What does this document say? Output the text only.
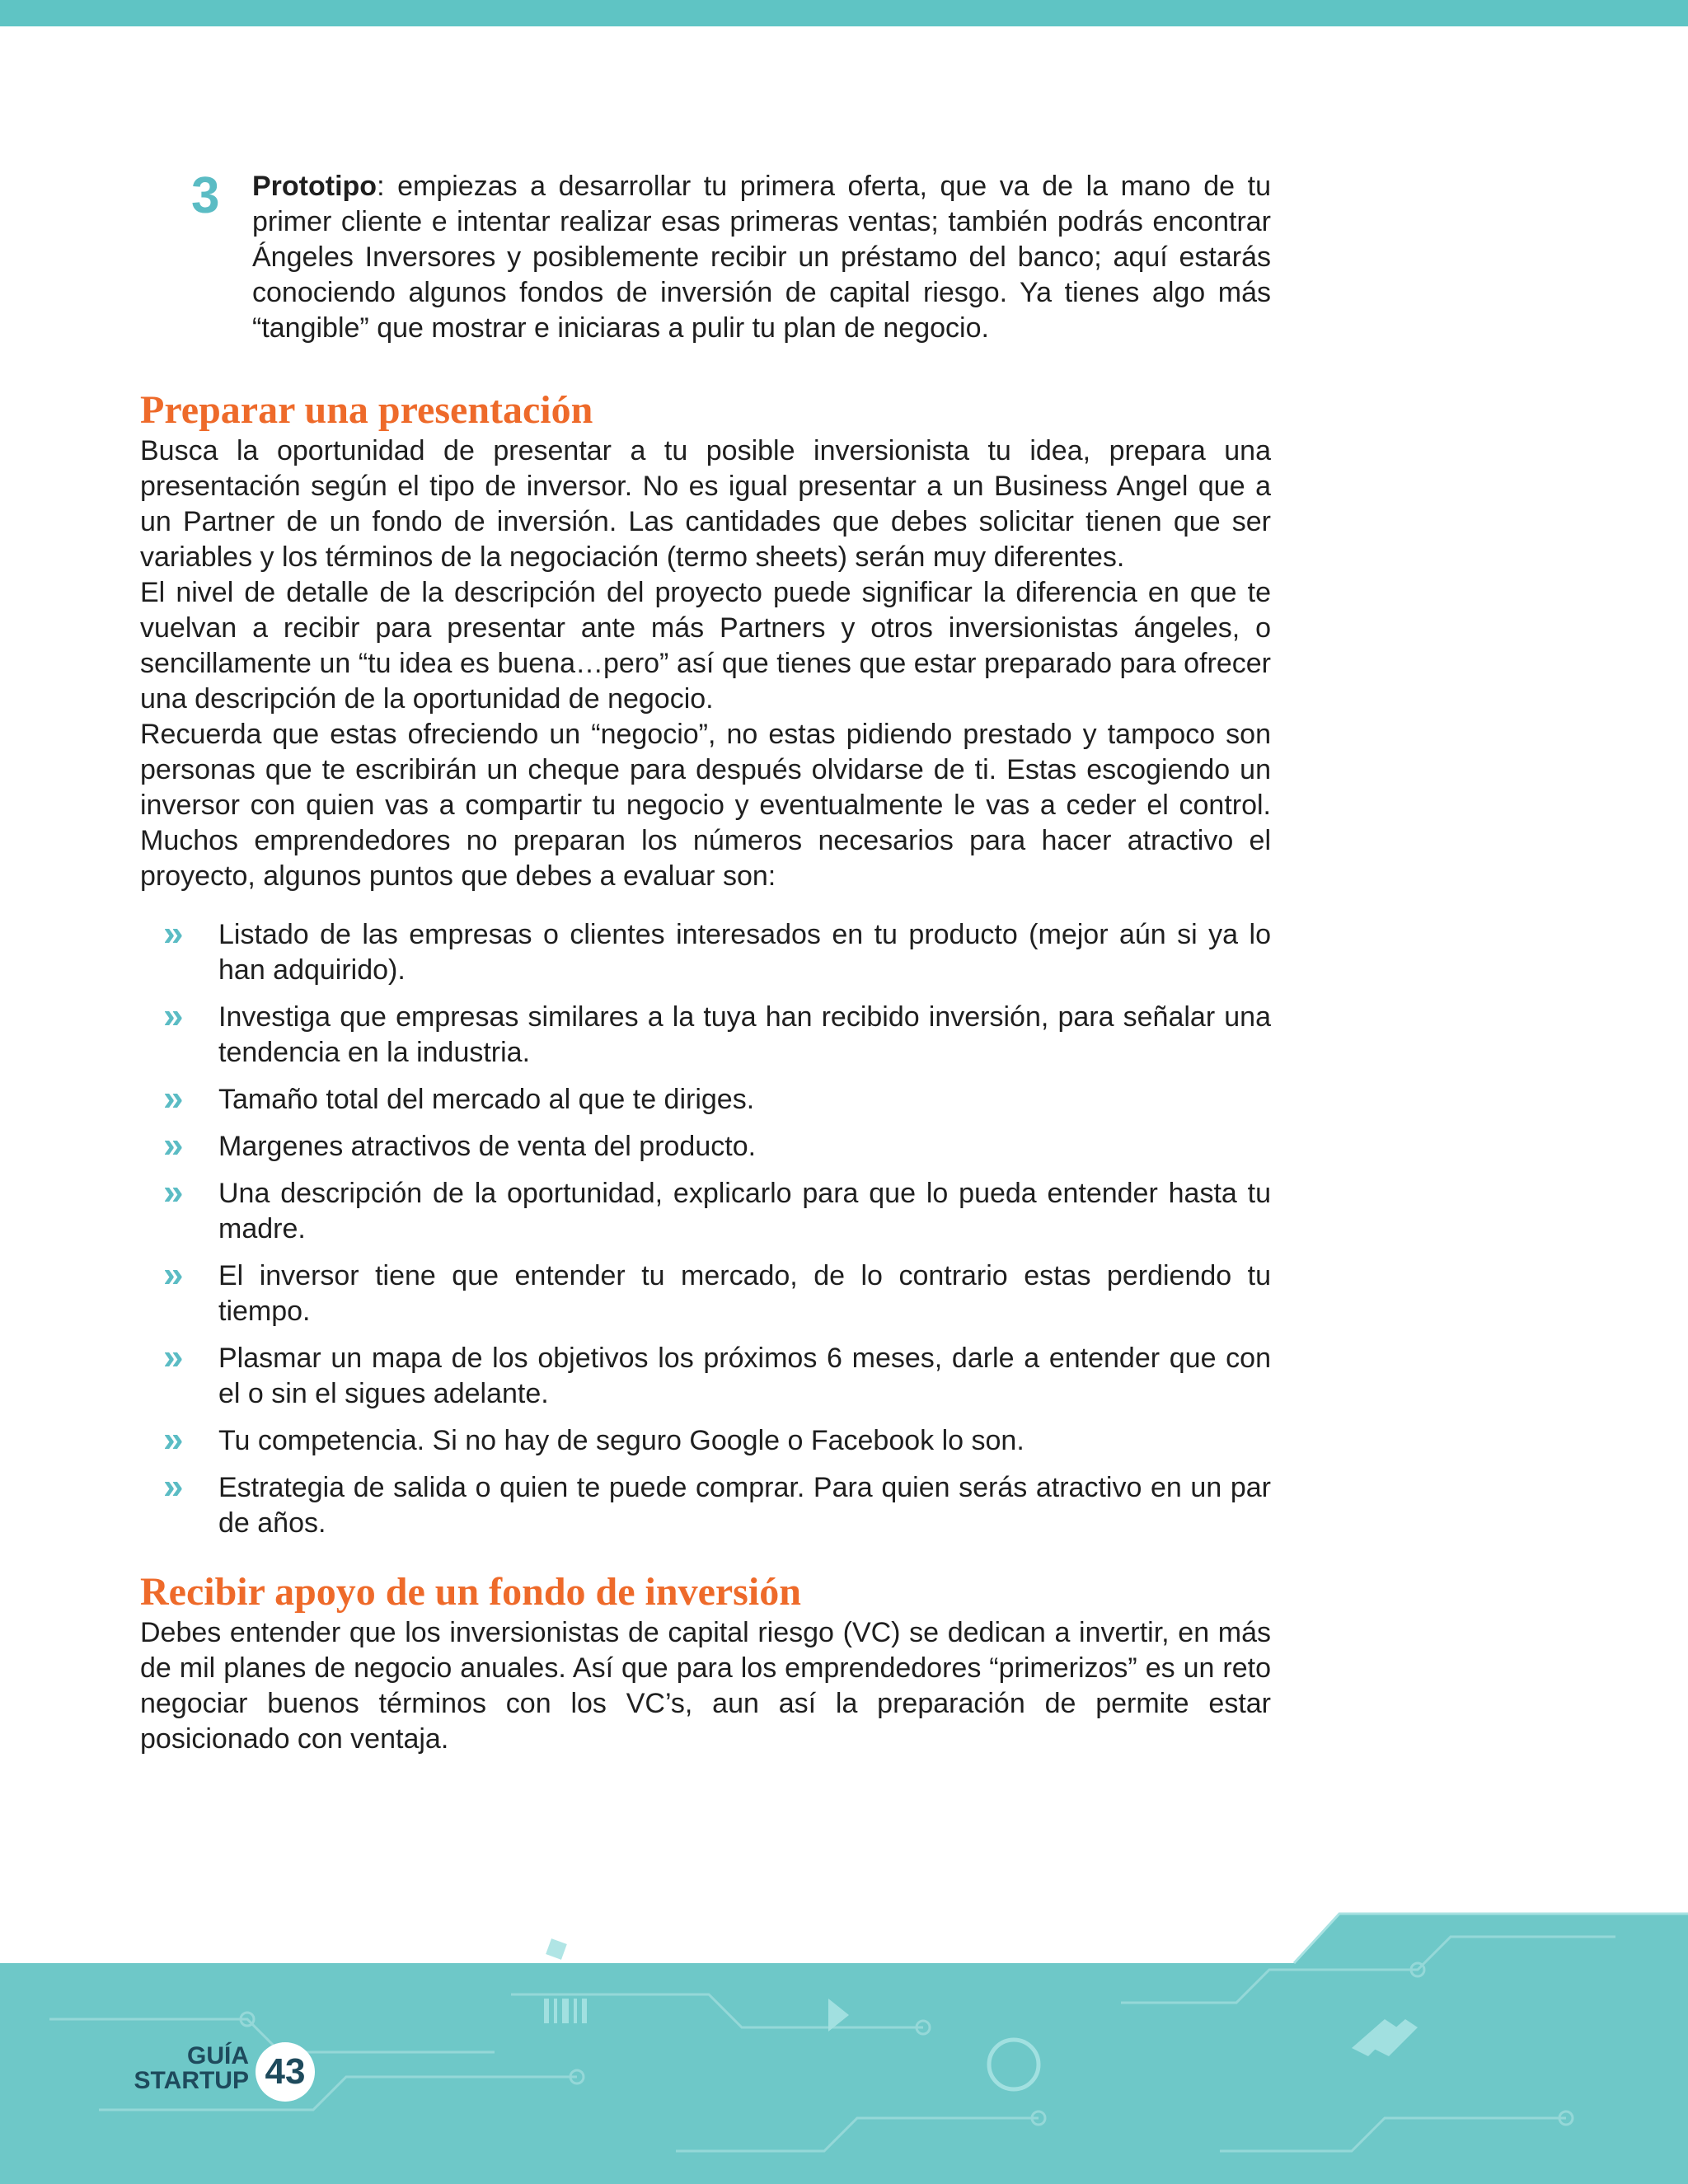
3 Prototipo: empiezas a desarrollar tu primera oferta, que va de la mano de tu primer cliente e intentar realizar esas primeras ventas; también podrás encontrar Ángeles Inversores y posiblemente recibir un préstamo del banco; aquí estarás conociendo algunos fondos de inversión de capital riesgo. Ya tienes algo más “tangible” que mostrar e iniciaras a pulir tu plan de negocio.
Preparar una presentación

Busca la oportunidad de presentar a tu posible inversionista tu idea, prepara una presentación según el tipo de inversor. No es igual presentar a un Business Angel que a un Partner de un fondo de inversión. Las cantidades que debes solicitar tienen que ser variables y los términos de la negociación (termo sheets) serán muy diferentes.

El nivel de detalle de la descripción del proyecto puede significar la diferencia en que te vuelvan a recibir para presentar ante más Partners y otros inversionistas ángeles, o sencillamente un “tu idea es buena…pero” así que tienes que estar preparado para ofrecer una descripción de la oportunidad de negocio.

Recuerda que estas ofreciendo un “negocio”, no estas pidiendo prestado y tampoco son personas que te escribirán un cheque para después olvidarse de ti. Estas escogiendo un inversor con quien vas a compartir tu negocio y eventualmente le vas a ceder el control. Muchos emprendedores no preparan los números necesarios para hacer atractivo el proyecto, algunos puntos que debes a evaluar son:

» Listado de las empresas o clientes interesados en tu producto (mejor aún si ya lo han adquirido).
» Investiga que empresas similares a la tuya han recibido inversión, para señalar una tendencia en la industria.
» Tamaño total del mercado al que te diriges.
» Margenes atractivos de venta del producto.
» Una descripción de la oportunidad, explicarlo para que lo pueda entender hasta tu madre.
» El inversor tiene que entender tu mercado, de lo contrario estas perdiendo tu tiempo.
» Plasmar un mapa de los objetivos los próximos 6 meses, darle a entender que con el o sin el sigues adelante.
» Tu competencia. Si no hay de seguro Google o Facebook lo son.
» Estrategia de salida o quien te puede comprar. Para quien serás atractivo en un par de años.
Recibir apoyo de un fondo de inversión

Debes entender que los inversionistas de capital riesgo (VC) se dedican a invertir, en más de mil planes de negocio anuales. Así que para los emprendedores “primerizos” es un reto negociar buenos términos con los VC’s, aun así la preparación de permite estar posicionado con ventaja.

GUÍA
STARTUP 43
